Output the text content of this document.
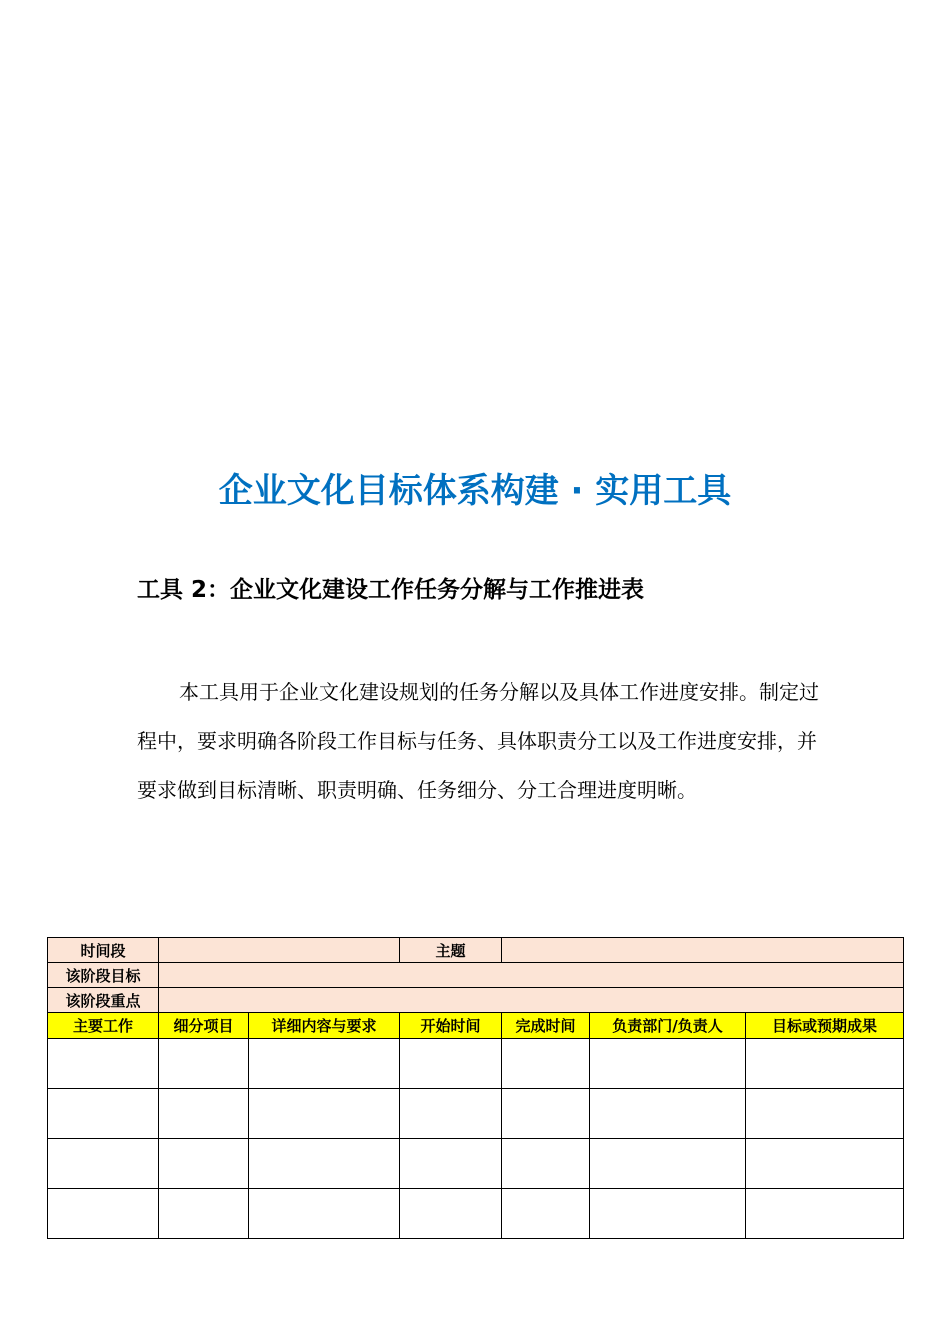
企业文化目标体系构建 · 实用工具
工具 2：企业文化建设工作任务分解与工作推进表

本工具用于企业文化建设规划的任务分解以及具体工作进度安排。制定过程中，要求明确各阶段工作目标与任务、具体职责分工以及工作进度安排，并要求做到目标清晰、职责明确、任务细分、分工合理进度明晰。

时间段			主题			
该阶段目标						
该阶段重点						
主要工作	细分项目	详细内容与要求	开始时间	完成时间	负责部门/负责人	目标或预期成果
